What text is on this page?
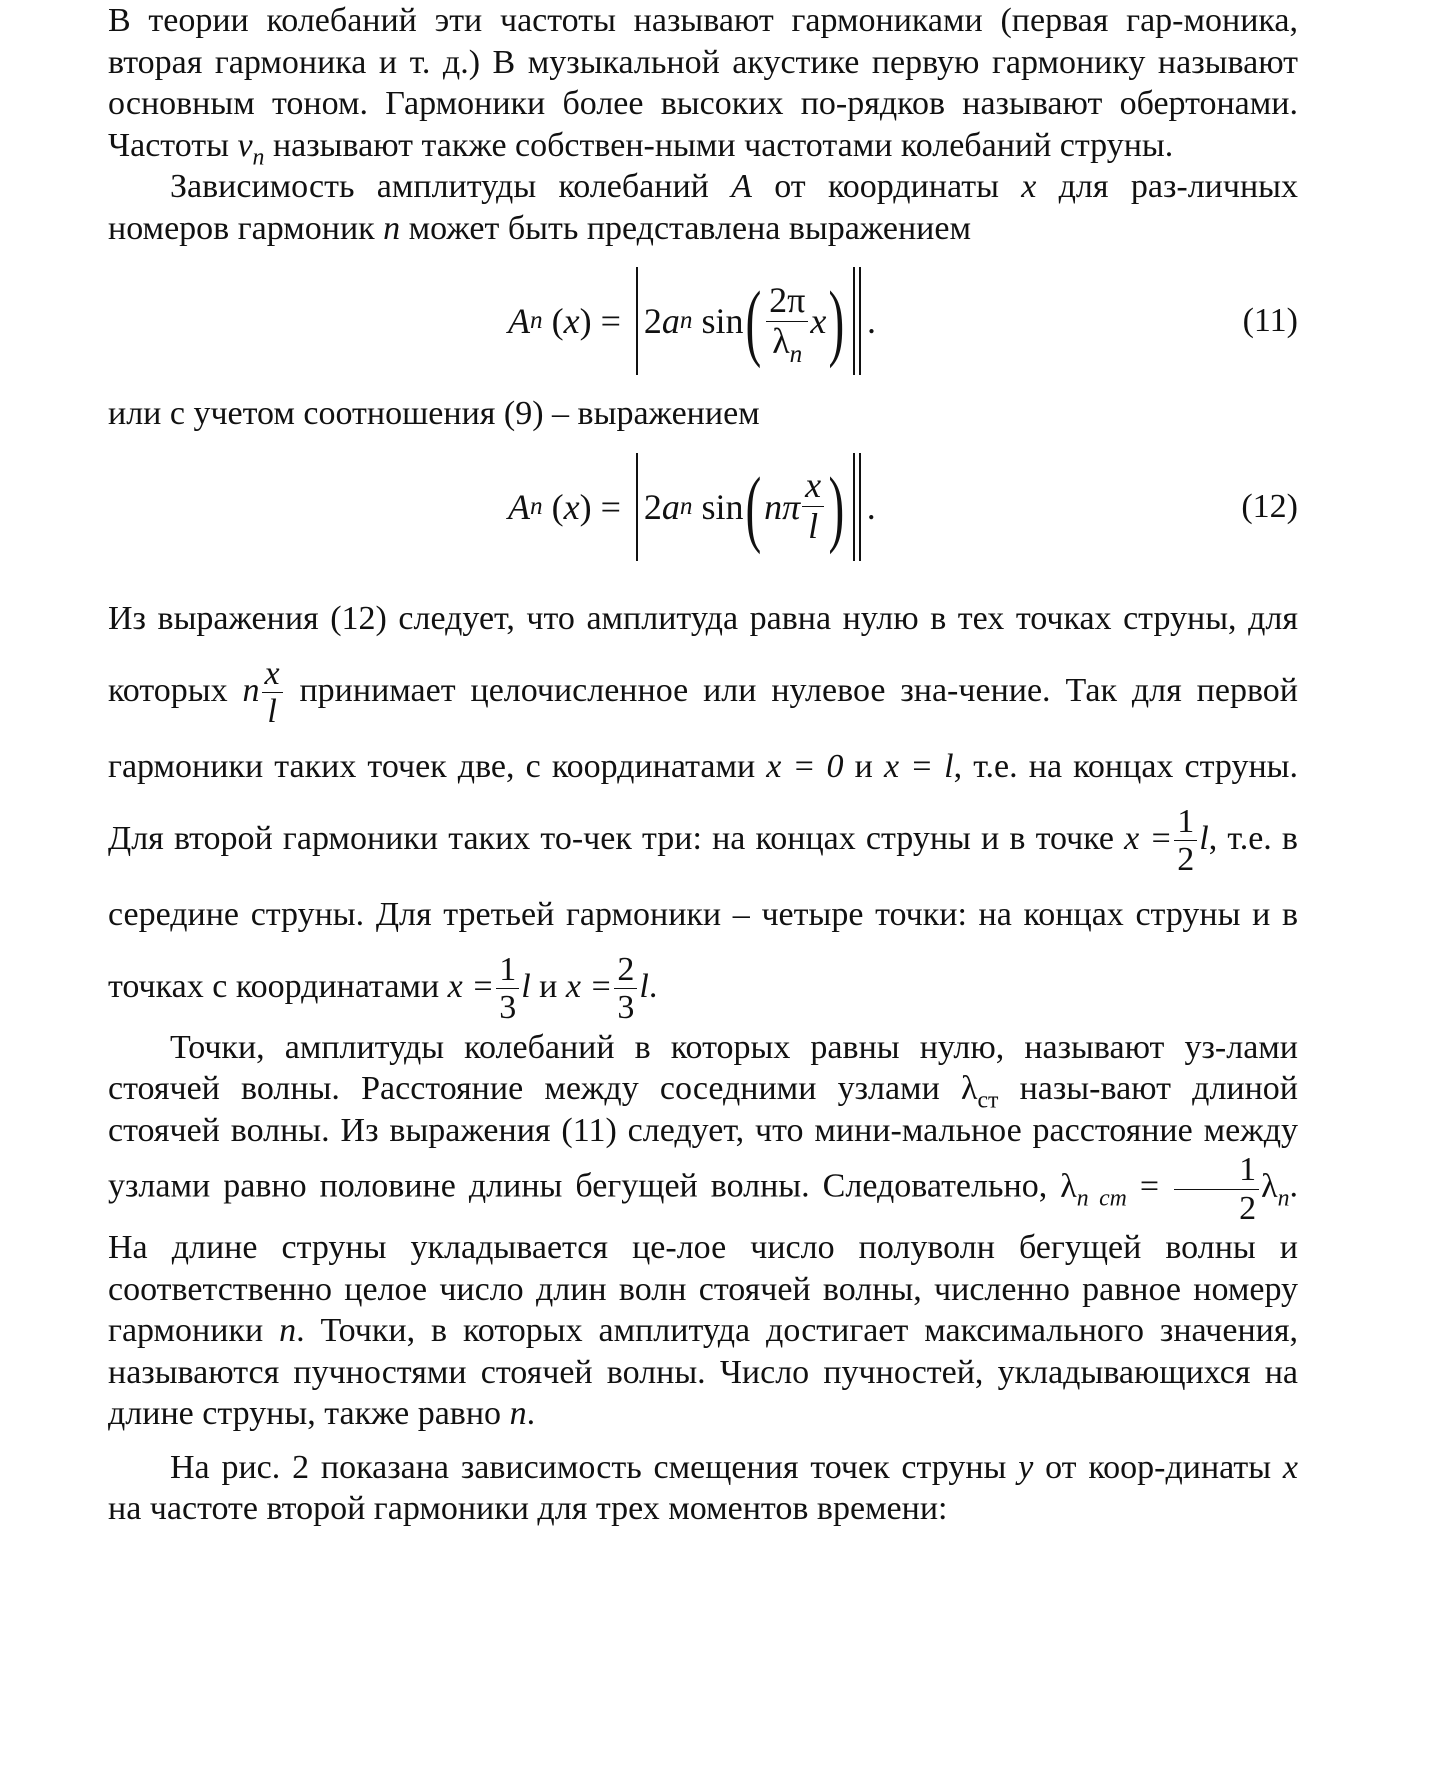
В теории колебаний эти частоты называют гармониками (первая гар-моника, вторая гармоника и т. д.) В музыкальной акустике первую гармонику называют основным тоном. Гармоники более высоких по-рядков называют обертонами. Частоты $\nu_n$ называют также собствен-ными частотами колебаний струны.

Зависимость амплитуды колебаний A от координаты x для раз-личных номеров гармоник n может быть представлена выражением

A n ( x ) = 2 a n
sin ( $\frac{2\pi}{\lambda_n}$ x ) .	(11)

или с учетом соотношения (9) – выражением

A n ( x ) = 2 a n
sin ( nπ $\frac{x}{l}$ ) .	(12)

Из выражения (12) следует, что амплитуда равна нулю в тех точках струны, для которых n $\frac{x}{l}$ принимает целочисленное или нулевое зна-чение. Так для первой гармоники таких точек две, с координатами x = 0 и x = l, т.е. на концах струны. Для второй гармоники таких то-чек три: на концах струны и в точке $x = \frac{1}{2} l$, т.е. в середине струны. Для третьей гармоники – четыре точки: на концах струны и в точках с координатами $x = \frac{1}{3}$ l и $x = \frac{2}{3} l$.

Точки, амплитуды колебаний в которых равны нулю, называют уз-лами стоячей волны. Расстояние между соседними узлами $\lambda_{ст}$ назы-вают длиной стоячей волны. Из выражения (11) следует, что мини-мальное расстояние между узлами равно половине длины бегущей волны. Следовательно, $\lambda_{n ст} = \frac{1}{2} \lambda_n$. На длине струны укладывается це-лое число полуволн бегущей волны и соответственно целое число длин волн стоячей волны, численно равное номеру гармоники n. Точки, в которых амплитуда достигает максимального значения, называются пучностями стоячей волны. Число пучностей, укладывающихся на длине струны, также равно n.

На рис. 2 показана зависимость смещения точек струны y от коор-динаты x на частоте второй гармоники для трех моментов времени:
